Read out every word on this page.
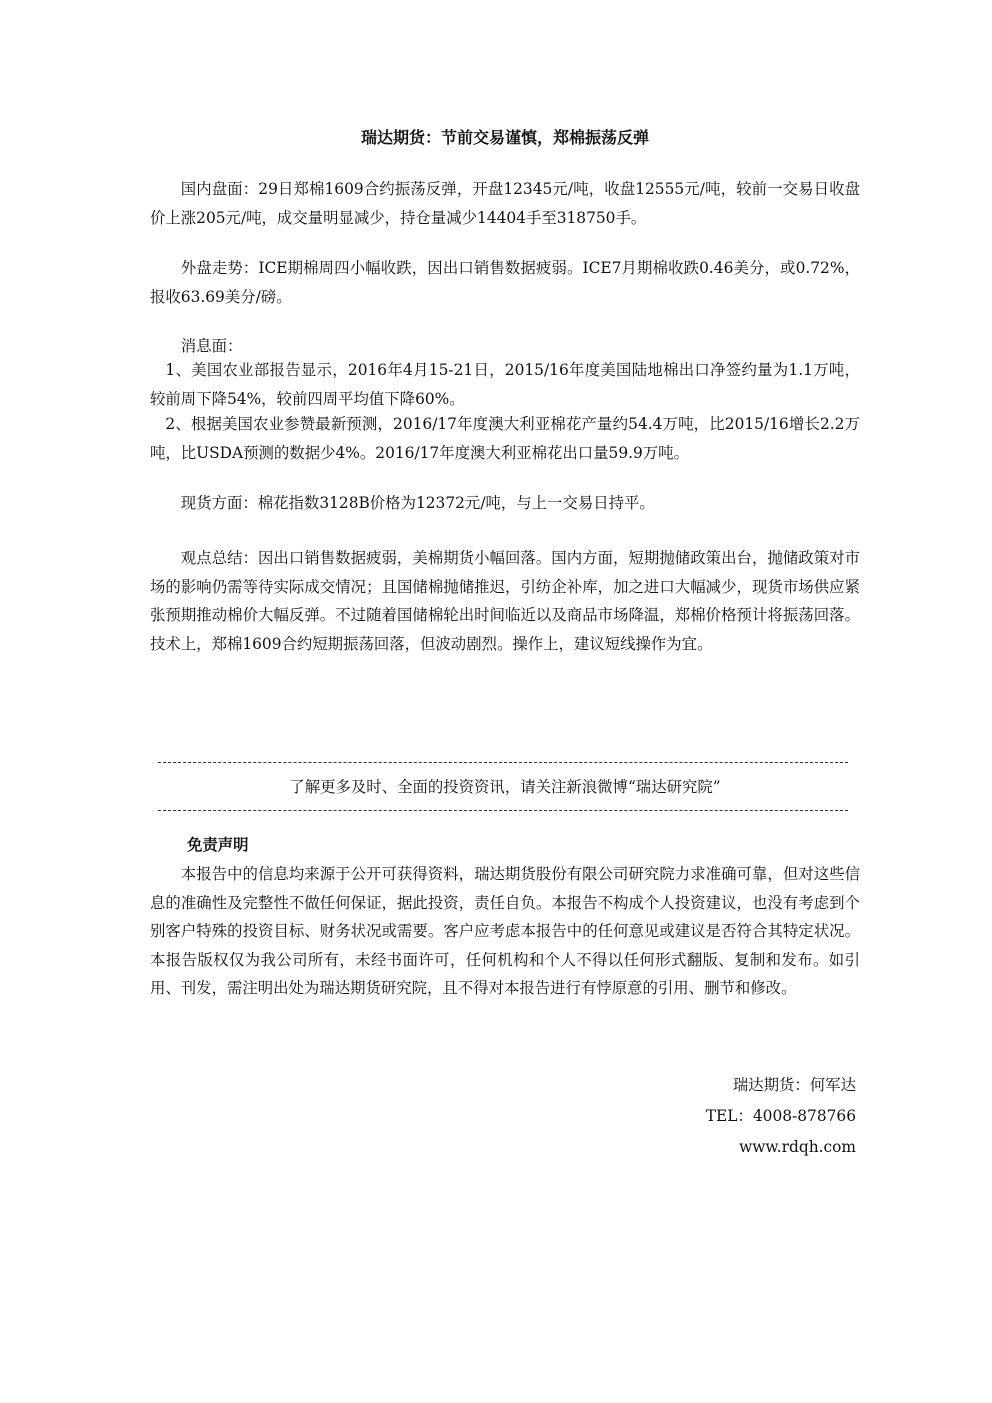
瑞达期货：节前交易谨慎，郑棉振荡反弹

国内盘面：29日郑棉1609合约振荡反弹，开盘12345元/吨，收盘12555元/吨，较前一交易日收盘价上涨205元/吨，成交量明显减少，持仓量减少14404手至318750手。

外盘走势：ICE期棉周四小幅收跌，因出口销售数据疲弱。ICE7月期棉收跌0.46美分，或0.72%，报收63.69美分/磅。

消息面：

1、美国农业部报告显示，2016年4月15-21日，2015/16年度美国陆地棉出口净签约量为1.1万吨，较前周下降54%，较前四周平均值下降60%。

2、根据美国农业参赞最新预测，2016/17年度澳大利亚棉花产量约54.4万吨，比2015/16增长2.2万吨，比USDA预测的数据少4%。2016/17年度澳大利亚棉花出口量59.9万吨。

现货方面：棉花指数3128B价格为12372元/吨，与上一交易日持平。

观点总结：因出口销售数据疲弱，美棉期货小幅回落。国内方面，短期抛储政策出台，抛储政策对市场的影响仍需等待实际成交情况；且国储棉抛储推迟，引纺企补库，加之进口大幅减少，现货市场供应紧张预期推动棉价大幅反弹。不过随着国储棉轮出时间临近以及商品市场降温，郑棉价格预计将振荡回落。技术上，郑棉1609合约短期振荡回落，但波动剧烈。操作上，建议短线操作为宜。

了解更多及时、全面的投资资讯，请关注新浪微博“瑞达研究院”
免责声明

本报告中的信息均来源于公开可获得资料，瑞达期货股份有限公司研究院力求准确可靠，但对这些信息的准确性及完整性不做任何保证，据此投资，责任自负。本报告不构成个人投资建议，也没有考虑到个别客户特殊的投资目标、财务状况或需要。客户应考虑本报告中的任何意见或建议是否符合其特定状况。本报告版权仅为我公司所有，未经书面许可，任何机构和个人不得以任何形式翻版、复制和发布。如引用、刊发，需注明出处为瑞达期货研究院，且不得对本报告进行有悖原意的引用、删节和修改。

瑞达期货：何军达
TEL：4008-878766
www.rdqh.com
